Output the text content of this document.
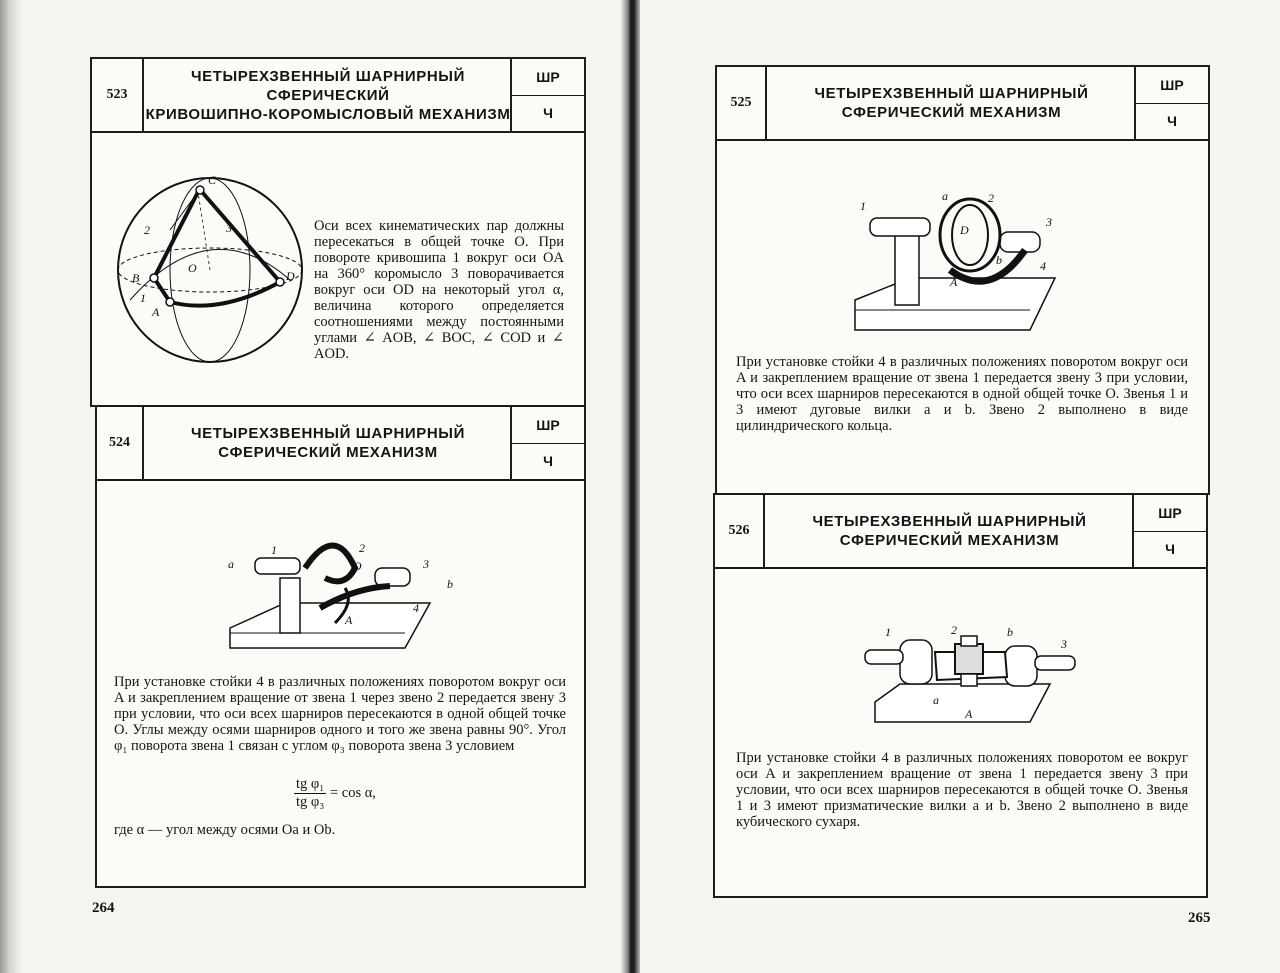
523
ЧЕТЫРЕХЗВЕННЫЙ ШАРНИРНЫЙ
СФЕРИЧЕСКИЙ
КРИВОШИПНО-КОРОМЫСЛОВЫЙ МЕХАНИЗМ
ШР
Ч
C
2	3
D
B
O
1
A
Оси всех кинематических пар должны пересекаться в общей точке O. При повороте кривошипа 1 вокруг оси OA на 360° коромысло 3 поворачивается вокруг оси OD на некоторый угол α, величина которого определяется соотношениями между постоянными углами ∠ AOB, ∠ BOC, ∠ COD и ∠ AOD.
524
ЧЕТЫРЕХЗВЕННЫЙ ШАРНИРНЫЙ
СФЕРИЧЕСКИЙ МЕХАНИЗМ
ШР
Ч
a
1	2
O	3
b
4
A
При установке стойки 4 в различных положениях поворотом вокруг оси A и закреплением вращение от звена 1 через звено 2 передается звену 3 при условии, что оси всех шарниров пересекаются в одной общей точке O. Углы между осями шарниров одного и того же звена равны 90°. Угол φ₁ поворота звена 1 связан с углом φ₃ поворота звена 3 условием
$\frac{\text{tg φ₁}}{\text{tg φ₃}} = \cos \alpha$,
где α — угол между осями Oa и Ob.
264
525
ЧЕТЫРЕХЗВЕННЫЙ ШАРНИРНЫЙ
СФЕРИЧЕСКИЙ МЕХАНИЗМ
ШР
Ч
1
a	2
D
3
b	4
A
При установке стойки 4 в различных положениях поворотом вокруг оси A и закреплением вращение от звена 1 передается звену 3 при условии, что оси всех шарниров пересекаются в одной общей точке O. Звенья 1 и 3 имеют дуговые вилки a и b. Звено 2 выполнено в виде цилиндрического кольца.
526
ЧЕТЫРЕХЗВЕННЫЙ ШАРНИРНЫЙ
СФЕРИЧЕСКИЙ МЕХАНИЗМ
ШР
Ч
1	2	b
3
a
A
При установке стойки 4 в различных положениях поворотом ее вокруг оси A и закреплением вращение от звена 1 передается звену 3 при условии, что оси всех шарниров пересекаются в общей точке O. Звенья 1 и 3 имеют призматические вилки a и b. Звено 2 выполнено в виде кубического сухаря.
265
